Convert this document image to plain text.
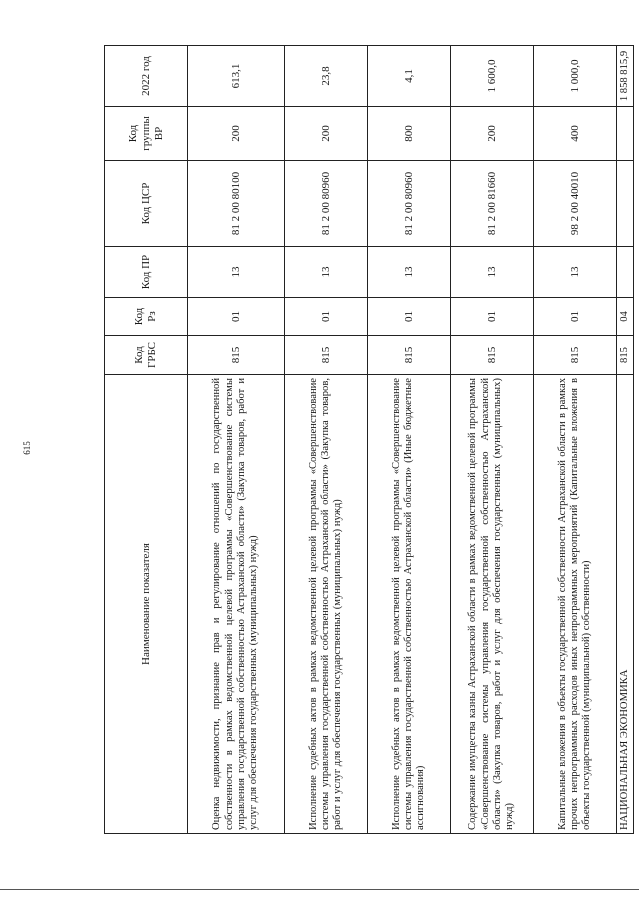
615
Наименование показателя	Код ГРБС	Код Рз	Код ПР	Код ЦСР	Код группы ВР	2022 год
Оценка недвижимости, признание прав и регулирование отношений по государственной собственности в рамках ведомственной целевой программы «Совершенствование системы управления государственной собственностью Астраханской области» (Закупка товаров, работ и услуг для обеспечения государственных (муниципальных) нужд)	815	01	13	81 2 00 80100	200	613,1
Исполнение судебных актов в рамках ведомственной целевой программы «Совершенствование системы управления государственной собственностью Астраханской области» (Закупка товаров, работ и услуг для обеспечения государственных (муниципальных) нужд)	815	01	13	81 2 00 80960	200	23,8
Исполнение судебных актов в рамках ведомственной целевой программы «Совершенствование системы управления государственной собственностью Астраханской области» (Иные бюджетные ассигнования)	815	01	13	81 2 00 80960	800	4,1
Содержание имущества казны Астраханской области в рамках ведомственной целевой программы «Совершенствование системы управления государственной собственностью Астраханской области» (Закупка товаров, работ и услуг для обеспечения государственных (муниципальных) нужд)	815	01	13	81 2 00 81660	200	1 600,0
Капитальные вложения в объекты государственной собственности Астраханской области в рамках прочих непрограммных расходов иных непрограммных мероприятий (Капитальные вложения в объекты государственной (муниципальной) собственности)	815	01	13	98 2 00 40010	400	1 000,0
НАЦИОНАЛЬНАЯ ЭКОНОМИКА	815	04				1 858 815,9
